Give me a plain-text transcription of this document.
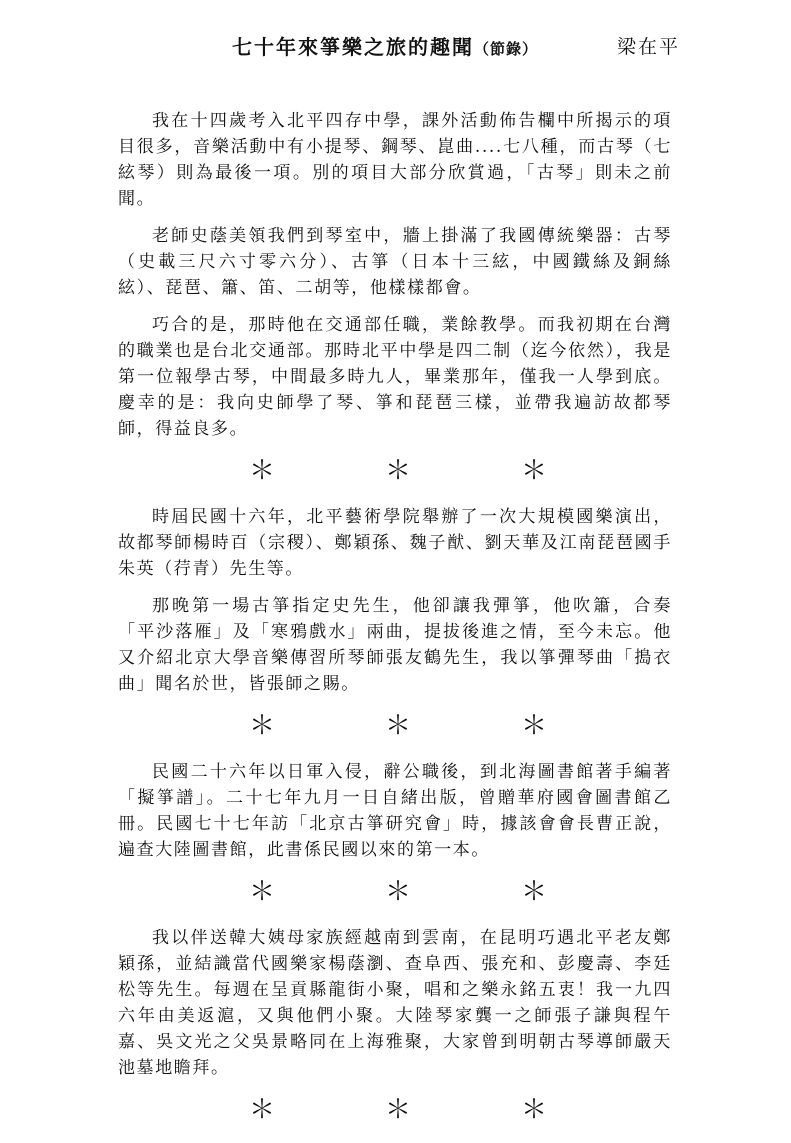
七十年來箏樂之旅的趣聞（節錄）	梁在平

我在十四歲考入北平四存中學，課外活動佈告欄中所揭示的項目很多，音樂活動中有小提琴、鋼琴、崑曲....七八種，而古琴（七絃琴）則為最後一項。別的項目大部分欣賞過，「古琴」則未之前聞。

老師史蔭美領我們到琴室中，牆上掛滿了我國傳統樂器：古琴（史載三尺六寸零六分）、古箏（日本十三絃，中國鐵絲及銅絲絃）、琵琶、簫、笛、二胡等，他樣樣都會。

巧合的是，那時他在交通部任職，業餘教學。而我初期在台灣的職業也是台北交通部。那時北平中學是四二制（迄今依然），我是第一位報學古琴，中間最多時九人，畢業那年，僅我一人學到底。慶幸的是：我向史師學了琴、箏和琵琶三樣，並帶我遍訪故都琴師，得益良多。

＊	＊	＊

時屆民國十六年，北平藝術學院舉辦了一次大規模國樂演出，故都琴師楊時百（宗稷）、鄭穎孫、魏子猷、劉天華及江南琵琶國手朱英（荇青）先生等。

那晚第一場古箏指定史先生，他卻讓我彈箏，他吹簫，合奏「平沙落雁」及「寒鴉戲水」兩曲，提拔後進之情，至今未忘。他又介紹北京大學音樂傳習所琴師張友鶴先生，我以箏彈琴曲「搗衣曲」聞名於世，皆張師之賜。

＊	＊	＊

民國二十六年以日軍入侵，辭公職後，到北海圖書館著手編著「擬箏譜」。二十七年九月一日自緒出版，曾贈華府國會圖書館乙冊。民國七十七年訪「北京古箏研究會」時，據該會會長曹正說，遍查大陸圖書館，此書係民國以來的第一本。

＊	＊	＊

我以伴送韓大姨母家族經越南到雲南，在昆明巧遇北平老友鄭穎孫，並結識當代國樂家楊蔭瀏、查阜西、張充和、彭慶壽、李廷松等先生。每週在呈貢縣龍街小聚，唱和之樂永銘五衷！我一九四六年由美返滬，又與他們小聚。大陸琴家龔一之師張子謙與程午嘉、吳文光之父吳景略同在上海雅聚，大家曾到明朝古琴導師嚴天池墓地瞻拜。

＊	＊	＊
